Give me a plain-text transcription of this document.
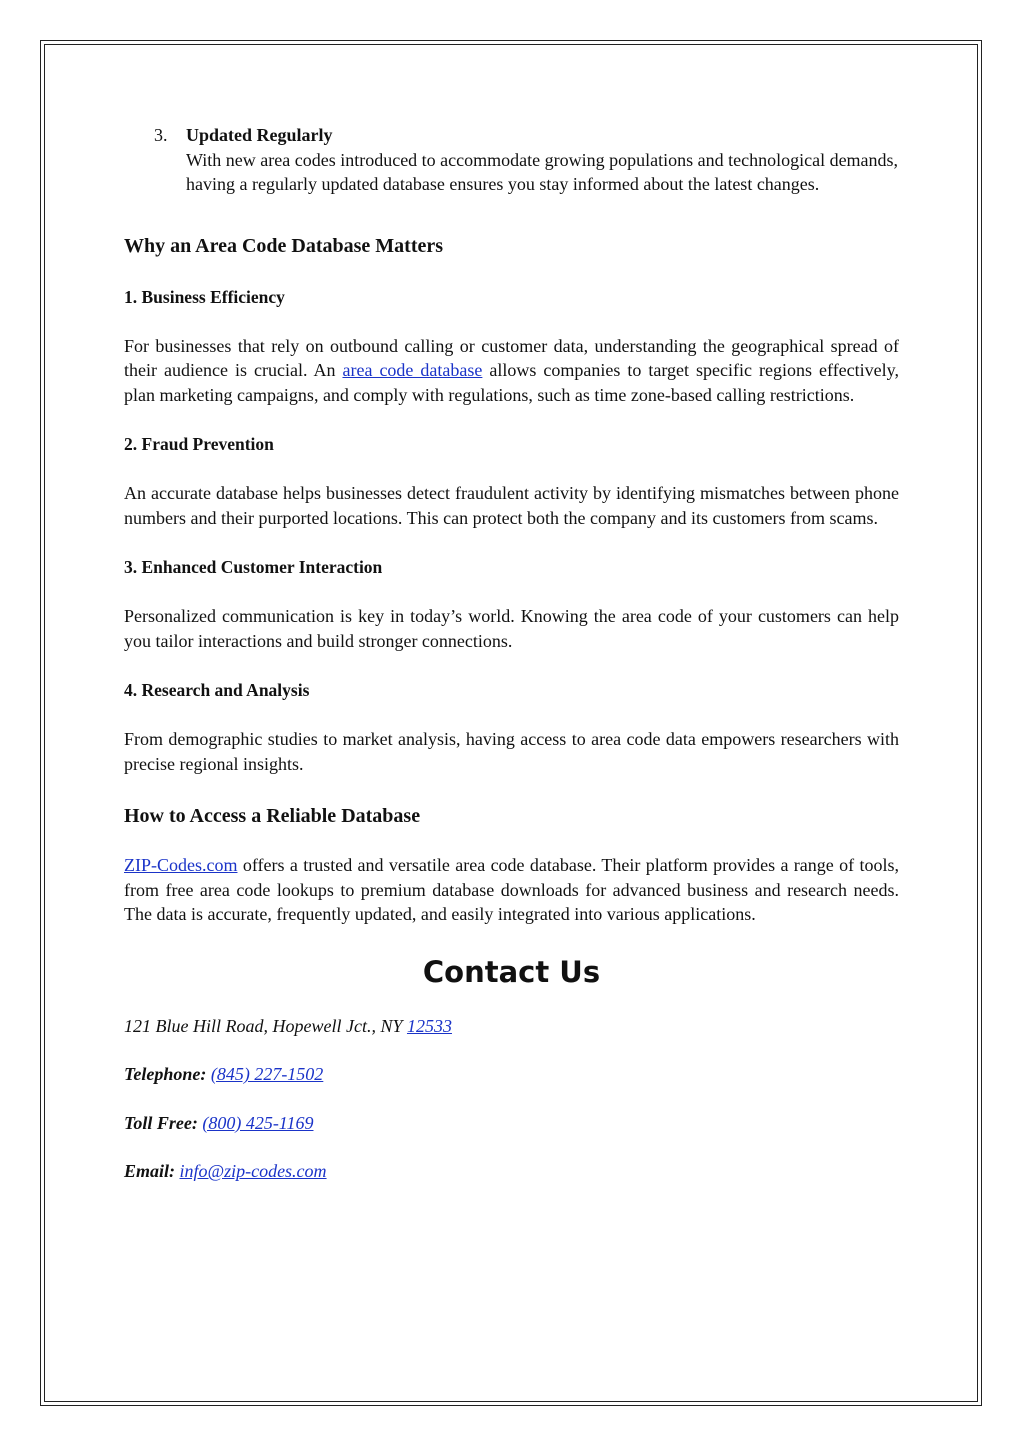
3. Updated Regularly

With new area codes introduced to accommodate growing populations and technological demands, having a regularly updated database ensures you stay informed about the latest changes.

Why an Area Code Database Matters
1. Business Efficiency

For businesses that rely on outbound calling or customer data, understanding the geographical spread of their audience is crucial. An area code database allows companies to target specific regions effectively, plan marketing campaigns, and comply with regulations, such as time zone-based calling restrictions.

2. Fraud Prevention

An accurate database helps businesses detect fraudulent activity by identifying mismatches between phone numbers and their purported locations. This can protect both the company and its customers from scams.

3. Enhanced Customer Interaction

Personalized communication is key in today’s world. Knowing the area code of your customers can help you tailor interactions and build stronger connections.

4. Research and Analysis

From demographic studies to market analysis, having access to area code data empowers researchers with precise regional insights.

How to Access a Reliable Database

ZIP-Codes.com offers a trusted and versatile area code database. Their platform provides a range of tools, from free area code lookups to premium database downloads for advanced business and research needs. The data is accurate, frequently updated, and easily integrated into various applications.

Contact Us

121 Blue Hill Road, Hopewell Jct., NY 12533

Telephone: (845) 227-1502

Toll Free: (800) 425-1169

Email: info@zip-codes.com
